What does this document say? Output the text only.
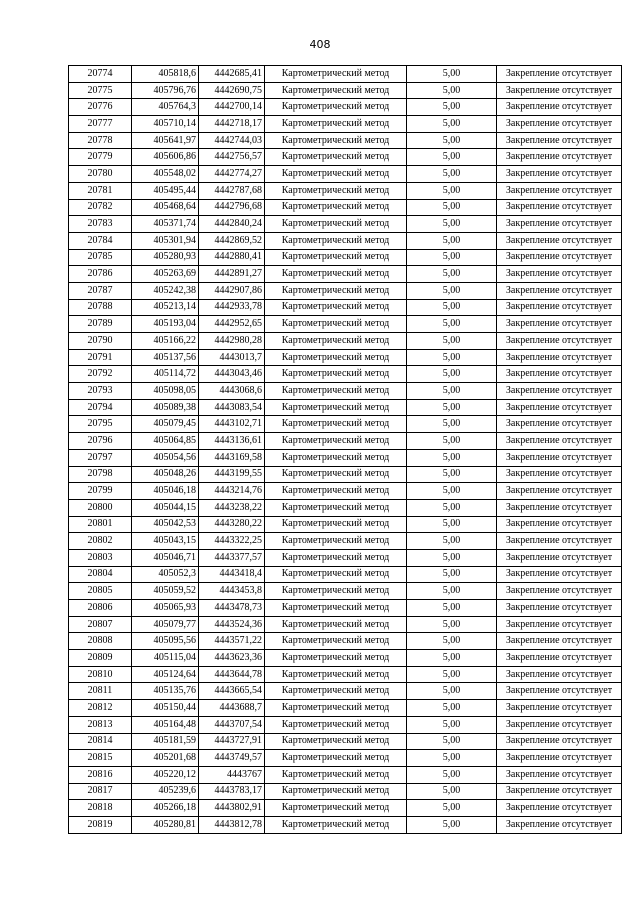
408
20774	405818,6	4442685,41	Картометрический метод	5,00	Закрепление отсутствует
20775	405796,76	4442690,75	Картометрический метод	5,00	Закрепление отсутствует
20776	405764,3	4442700,14	Картометрический метод	5,00	Закрепление отсутствует
20777	405710,14	4442718,17	Картометрический метод	5,00	Закрепление отсутствует
20778	405641,97	4442744,03	Картометрический метод	5,00	Закрепление отсутствует
20779	405606,86	4442756,57	Картометрический метод	5,00	Закрепление отсутствует
20780	405548,02	4442774,27	Картометрический метод	5,00	Закрепление отсутствует
20781	405495,44	4442787,68	Картометрический метод	5,00	Закрепление отсутствует
20782	405468,64	4442796,68	Картометрический метод	5,00	Закрепление отсутствует
20783	405371,74	4442840,24	Картометрический метод	5,00	Закрепление отсутствует
20784	405301,94	4442869,52	Картометрический метод	5,00	Закрепление отсутствует
20785	405280,93	4442880,41	Картометрический метод	5,00	Закрепление отсутствует
20786	405263,69	4442891,27	Картометрический метод	5,00	Закрепление отсутствует
20787	405242,38	4442907,86	Картометрический метод	5,00	Закрепление отсутствует
20788	405213,14	4442933,78	Картометрический метод	5,00	Закрепление отсутствует
20789	405193,04	4442952,65	Картометрический метод	5,00	Закрепление отсутствует
20790	405166,22	4442980,28	Картометрический метод	5,00	Закрепление отсутствует
20791	405137,56	4443013,7	Картометрический метод	5,00	Закрепление отсутствует
20792	405114,72	4443043,46	Картометрический метод	5,00	Закрепление отсутствует
20793	405098,05	4443068,6	Картометрический метод	5,00	Закрепление отсутствует
20794	405089,38	4443083,54	Картометрический метод	5,00	Закрепление отсутствует
20795	405079,45	4443102,71	Картометрический метод	5,00	Закрепление отсутствует
20796	405064,85	4443136,61	Картометрический метод	5,00	Закрепление отсутствует
20797	405054,56	4443169,58	Картометрический метод	5,00	Закрепление отсутствует
20798	405048,26	4443199,55	Картометрический метод	5,00	Закрепление отсутствует
20799	405046,18	4443214,76	Картометрический метод	5,00	Закрепление отсутствует
20800	405044,15	4443238,22	Картометрический метод	5,00	Закрепление отсутствует
20801	405042,53	4443280,22	Картометрический метод	5,00	Закрепление отсутствует
20802	405043,15	4443322,25	Картометрический метод	5,00	Закрепление отсутствует
20803	405046,71	4443377,57	Картометрический метод	5,00	Закрепление отсутствует
20804	405052,3	4443418,4	Картометрический метод	5,00	Закрепление отсутствует
20805	405059,52	4443453,8	Картометрический метод	5,00	Закрепление отсутствует
20806	405065,93	4443478,73	Картометрический метод	5,00	Закрепление отсутствует
20807	405079,77	4443524,36	Картометрический метод	5,00	Закрепление отсутствует
20808	405095,56	4443571,22	Картометрический метод	5,00	Закрепление отсутствует
20809	405115,04	4443623,36	Картометрический метод	5,00	Закрепление отсутствует
20810	405124,64	4443644,78	Картометрический метод	5,00	Закрепление отсутствует
20811	405135,76	4443665,54	Картометрический метод	5,00	Закрепление отсутствует
20812	405150,44	4443688,7	Картометрический метод	5,00	Закрепление отсутствует
20813	405164,48	4443707,54	Картометрический метод	5,00	Закрепление отсутствует
20814	405181,59	4443727,91	Картометрический метод	5,00	Закрепление отсутствует
20815	405201,68	4443749,57	Картометрический метод	5,00	Закрепление отсутствует
20816	405220,12	4443767	Картометрический метод	5,00	Закрепление отсутствует
20817	405239,6	4443783,17	Картометрический метод	5,00	Закрепление отсутствует
20818	405266,18	4443802,91	Картометрический метод	5,00	Закрепление отсутствует
20819	405280,81	4443812,78	Картометрический метод	5,00	Закрепление отсутствует
